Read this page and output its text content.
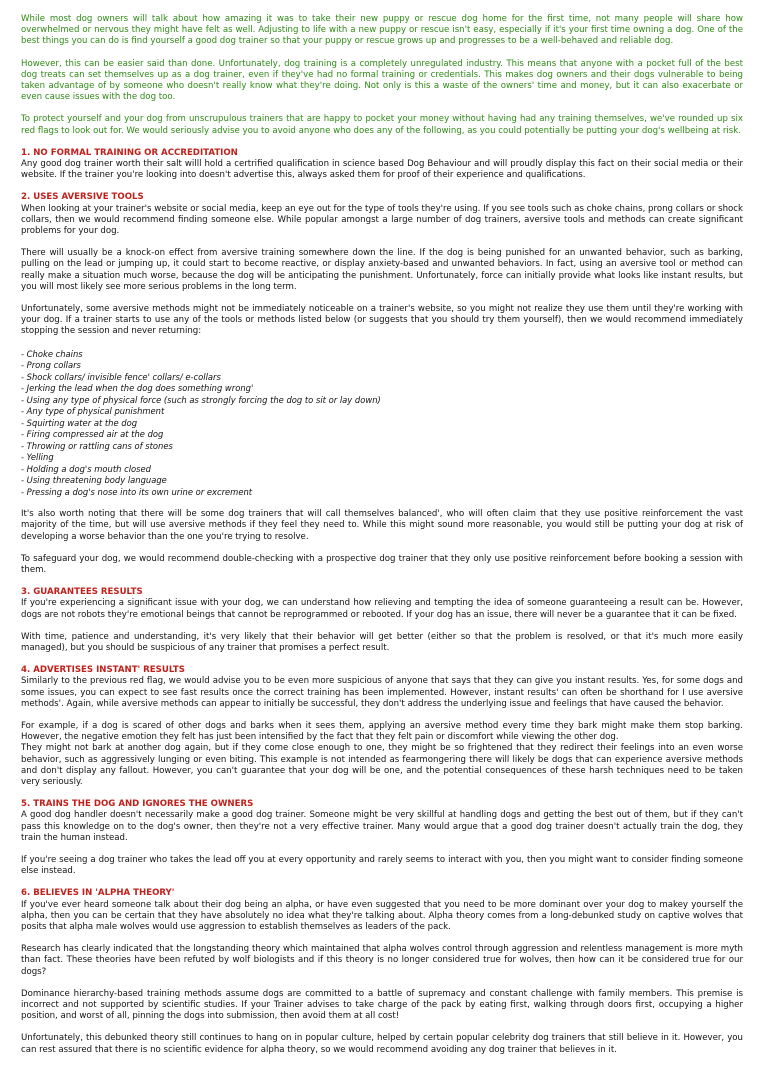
While most dog owners will talk about how amazing it was to take their new puppy or rescue dog home for the first time, not many people will share how overwhelmed or nervous they might have felt as well. Adjusting to life with a new puppy or rescue isn't easy, especially if it's your first time owning a dog. One of the best things you can do is find yourself a good dog trainer so that your puppy or rescue grows up and progresses to be a well-behaved and reliable dog.

However, this can be easier said than done. Unfortunately, dog training is a completely unregulated industry. This means that anyone with a pocket full of the best dog treats can set themselves up as a dog trainer, even if they've had no formal training or credentials. This makes dog owners and their dogs vulnerable to being taken advantage of by someone who doesn't really know what they're doing. Not only is this a waste of the owners' time and money, but it can also exacerbate or even cause issues with the dog too.

To protect yourself and your dog from unscrupulous trainers that are happy to pocket your money without having had any training themselves, we've rounded up six red flags to look out for. We would seriously advise you to avoid anyone who does any of the following, as you could potentially be putting your dog's wellbeing at risk.

1. NO FORMAL TRAINING OR ACCREDITATION

Any good dog trainer worth their salt willl hold a certrified qualification in science based Dog Behaviour and will proudly display this fact on their social media or their website. If the trainer you're looking into doesn't advertise this, always asked them for proof of their experience and qualifications.

2. USES AVERSIVE TOOLS

When looking at your trainer's website or social media, keep an eye out for the type of tools they're using. If you see tools such as choke chains, prong collars or shock collars, then we would recommend finding someone else. While popular amongst a large number of dog trainers, aversive tools and methods can create significant problems for your dog.

There will usually be a knock-on effect from aversive training somewhere down the line. If the dog is being punished for an unwanted behavior, such as barking, pulling on the lead or jumping up, it could start to become reactive, or display anxiety-based and unwanted behaviors. In fact, using an aversive tool or method can really make a situation much worse, because the dog will be anticipating the punishment. Unfortunately, force can initially provide what looks like instant results, but you will most likely see more serious problems in the long term.

Unfortunately, some aversive methods might not be immediately noticeable on a trainer's website, so you might not realize they use them until they're working with your dog. If a trainer starts to use any of the tools or methods listed below (or suggests that you should try them yourself), then we would recommend immediately stopping the session and never returning:

- Choke chains
- Prong collars
- Shock collars/ invisible fence' collars/ e-collars
- Jerking the lead when the dog does something wrong'
- Using any type of physical force (such as strongly forcing the dog to sit or lay down)
- Any type of physical punishment
- Squirting water at the dog
- Firing compressed air at the dog
- Throwing or rattling cans of stones
- Yelling
- Holding a dog's mouth closed
- Using threatening body language
- Pressing a dog's nose into its own urine or excrement

It's also worth noting that there will be some dog trainers that will call themselves balanced', who will often claim that they use positive reinforcement the vast majority of the time, but will use aversive methods if they feel they need to. While this might sound more reasonable, you would still be putting your dog at risk of developing a worse behavior than the one you're trying to resolve.

To safeguard your dog, we would recommend double-checking with a prospective dog trainer that they only use positive reinforcement before booking a session with them.

3. GUARANTEES RESULTS

If you're experiencing a significant issue with your dog, we can understand how relieving and tempting the idea of someone guaranteeing a result can be. However, dogs are not robots they're emotional beings that cannot be reprogrammed or rebooted. If your dog has an issue, there will never be a guarantee that it can be fixed.

With time, patience and understanding, it's very likely that their behavior will get better (either so that the problem is resolved, or that it's much more easily managed), but you should be suspicious of any trainer that promises a perfect result.

4. ADVERTISES INSTANT' RESULTS

Similarly to the previous red flag, we would advise you to be even more suspicious of anyone that says that they can give you instant results. Yes, for some dogs and some issues, you can expect to see fast results once the correct training has been implemented. However, instant results' can often be shorthand for I use aversive methods'. Again, while aversive methods can appear to initially be successful, they don't address the underlying issue and feelings that have caused the behavior.

For example, if a dog is scared of other dogs and barks when it sees them, applying an aversive method every time they bark might make them stop barking. However, the negative emotion they felt has just been intensified by the fact that they felt pain or discomfort while viewing the other dog.

They might not bark at another dog again, but if they come close enough to one, they might be so frightened that they redirect their feelings into an even worse behavior, such as aggressively lunging or even biting. This example is not intended as fearmongering there will likely be dogs that can experience aversive methods and don't display any fallout. However, you can't guarantee that your dog will be one, and the potential consequences of these harsh techniques need to be taken very seriously.

5. TRAINS THE DOG AND IGNORES THE OWNERS

A good dog handler doesn't necessarily make a good dog trainer. Someone might be very skillful at handling dogs and getting the best out of them, but if they can't pass this knowledge on to the dog's owner, then they're not a very effective trainer. Many would argue that a good dog trainer doesn't actually train the dog, they train the human instead.

If you're seeing a dog trainer who takes the lead off you at every opportunity and rarely seems to interact with you, then you might want to consider finding someone else instead.

6. BELIEVES IN 'ALPHA THEORY'

If you've ever heard someone talk about their dog being an alpha, or have even suggested that you need to be more dominant over your dog to makey yourself the alpha, then you can be certain that they have absolutely no idea what they're talking about. Alpha theory comes from a long-debunked study on captive wolves that posits that alpha male wolves would use aggression to establish themselves as leaders of the pack.

Research has clearly indicated that the longstanding theory which maintained that alpha wolves control through aggression and relentless management is more myth than fact. These theories have been refuted by wolf biologists and if this theory is no longer considered true for wolves, then how can it be considered true for our dogs?

Dominance hierarchy-based training methods assume dogs are committed to a battle of supremacy and constant challenge with family members. This premise is incorrect and not supported by scientific studies. If your Trainer advises to take charge of the pack by eating first, walking through doors first, occupying a higher position, and worst of all, pinning the dogs into submission, then avoid them at all cost!

Unfortunately, this debunked theory still continues to hang on in popular culture, helped by certain popular celebrity dog trainers that still believe in it. However, you can rest assured that there is no scientific evidence for alpha theory, so we would recommend avoiding any dog trainer that believes in it.
